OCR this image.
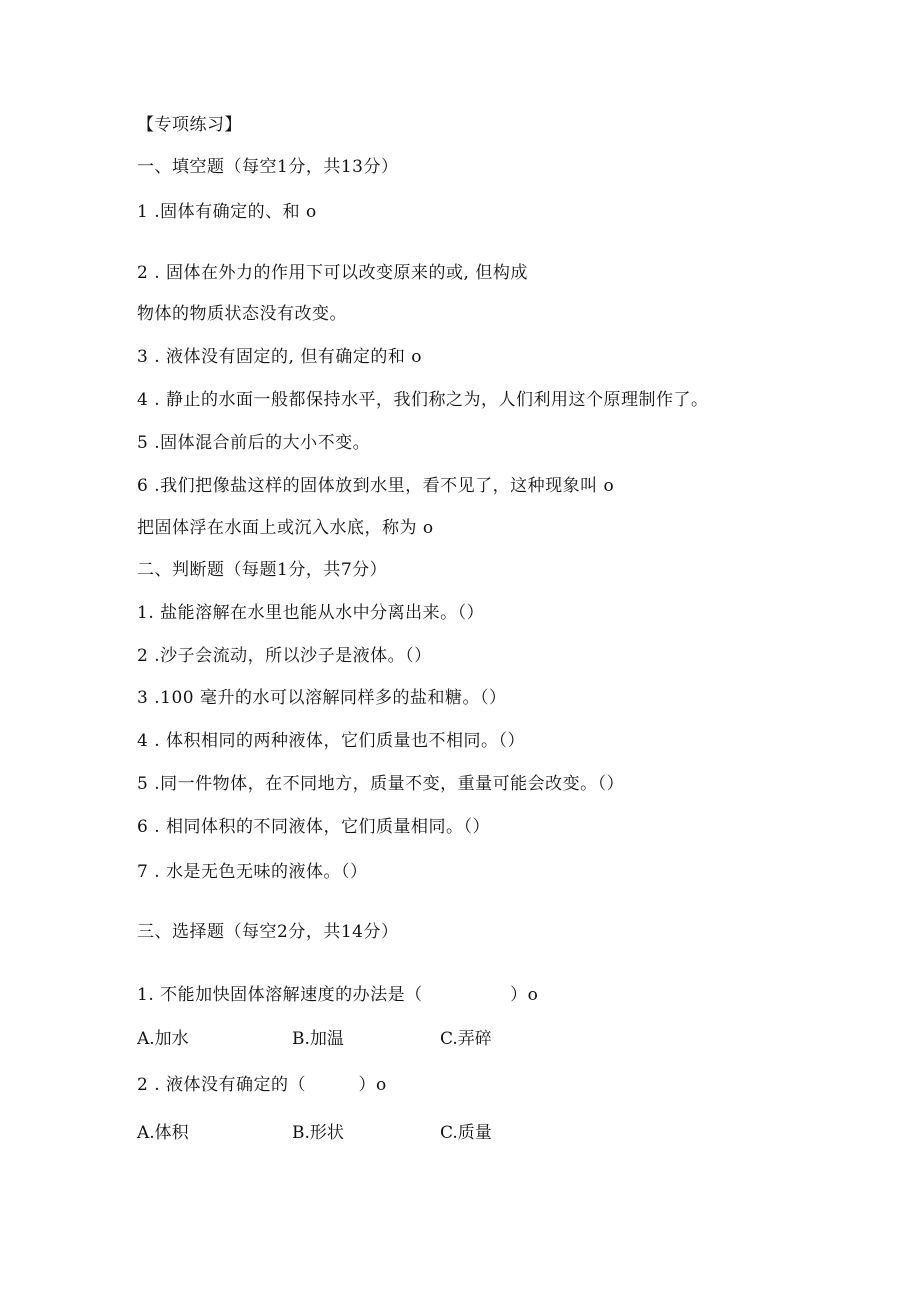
【专项练习】
一、填空题（每空1分，共13分）
1 .固体有确定的、和 o
2 . 固体在外力的作用下可以改变原来的或, 但构成
物体的物质状态没有改变。
3 . 液体没有固定的, 但有确定的和 o
4 . 静止的水面一般都保持水平，我们称之为，人们利用这个原理制作了。
5 .固体混合前后的大小不变。
6 .我们把像盐这样的固体放到水里，看不见了，这种现象叫 o
把固体浮在水面上或沉入水底，称为 o
二、判断题（每题1分，共7分）
1. 盐能溶解在水里也能从水中分离出来。（）
2 .沙子会流动，所以沙子是液体。（）
3 .100 毫升的水可以溶解同样多的盐和糖。（）
4 . 体积相同的两种液体，它们质量也不相同。（）
5 .同一件物体，在不同地方，质量不变，重量可能会改变。（）
6 . 相同体积的不同液体，它们质量相同。（）
7 . 水是无色无味的液体。（）
三、选择题（每空2分，共14分）
1. 不能加快固体溶解速度的办法是（　　　　　）o
A.加水	B.加温	C.弄碎
2 . 液体没有确定的（　　　）o
A.体积	B.形状	C.质量
